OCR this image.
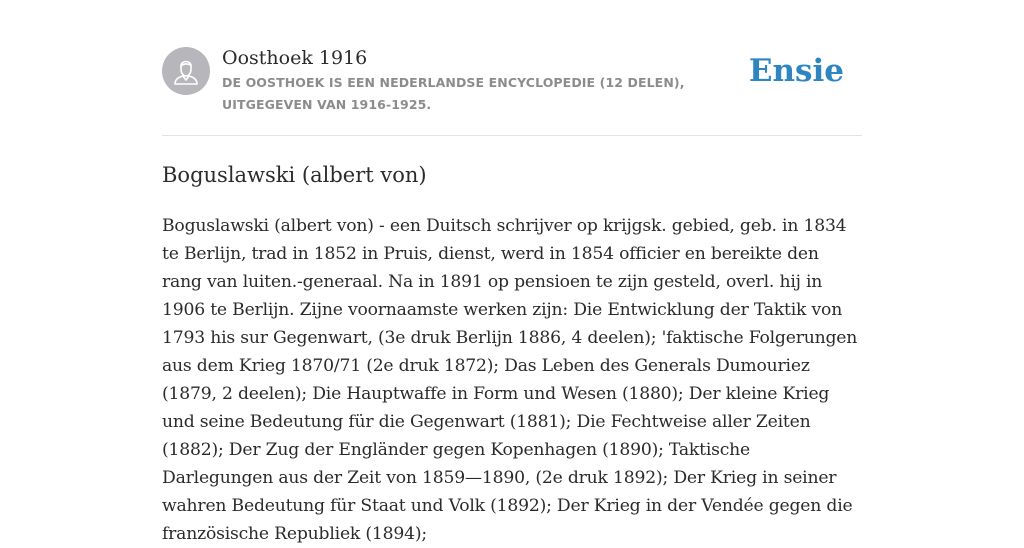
Oosthoek 1916
DE OOSTHOEK IS EEN NEDERLANDSE ENCYCLOPEDIE (12 DELEN), UITGEGEVEN VAN 1916-1925.
Ensie
Boguslawski (albert von)

Boguslawski (albert von) - een Duitsch schrijver op krijgsk. gebied, geb. in 1834 te Berlijn, trad in 1852 in Pruis, dienst, werd in 1854 officier en bereikte den rang van luiten.-generaal. Na in 1891 op pensioen te zijn gesteld, overl. hij in 1906 te Berlijn. Zijne voornaamste werken zijn: Die Entwicklung der Taktik von 1793 his sur Gegenwart, (3e druk Berlijn 1886, 4 deelen); 'faktische Folgerungen aus dem Krieg 1870/71 (2e druk 1872); Das Leben des Generals Dumouriez (1879, 2 deelen); Die Hauptwaffe in Form und Wesen (1880); Der kleine Krieg und seine Bedeutung für die Gegenwart (1881); Die Fechtweise aller Zeiten (1882); Der Zug der Engländer gegen Kopenhagen (1890); Taktische Darlegungen aus der Zeit von 1859—1890, (2e druk 1892); Der Krieg in seiner wahren Bedeutung für Staat und Volk (1892); Der Krieg in der Vendée gegen die französische Republiek (1894);
